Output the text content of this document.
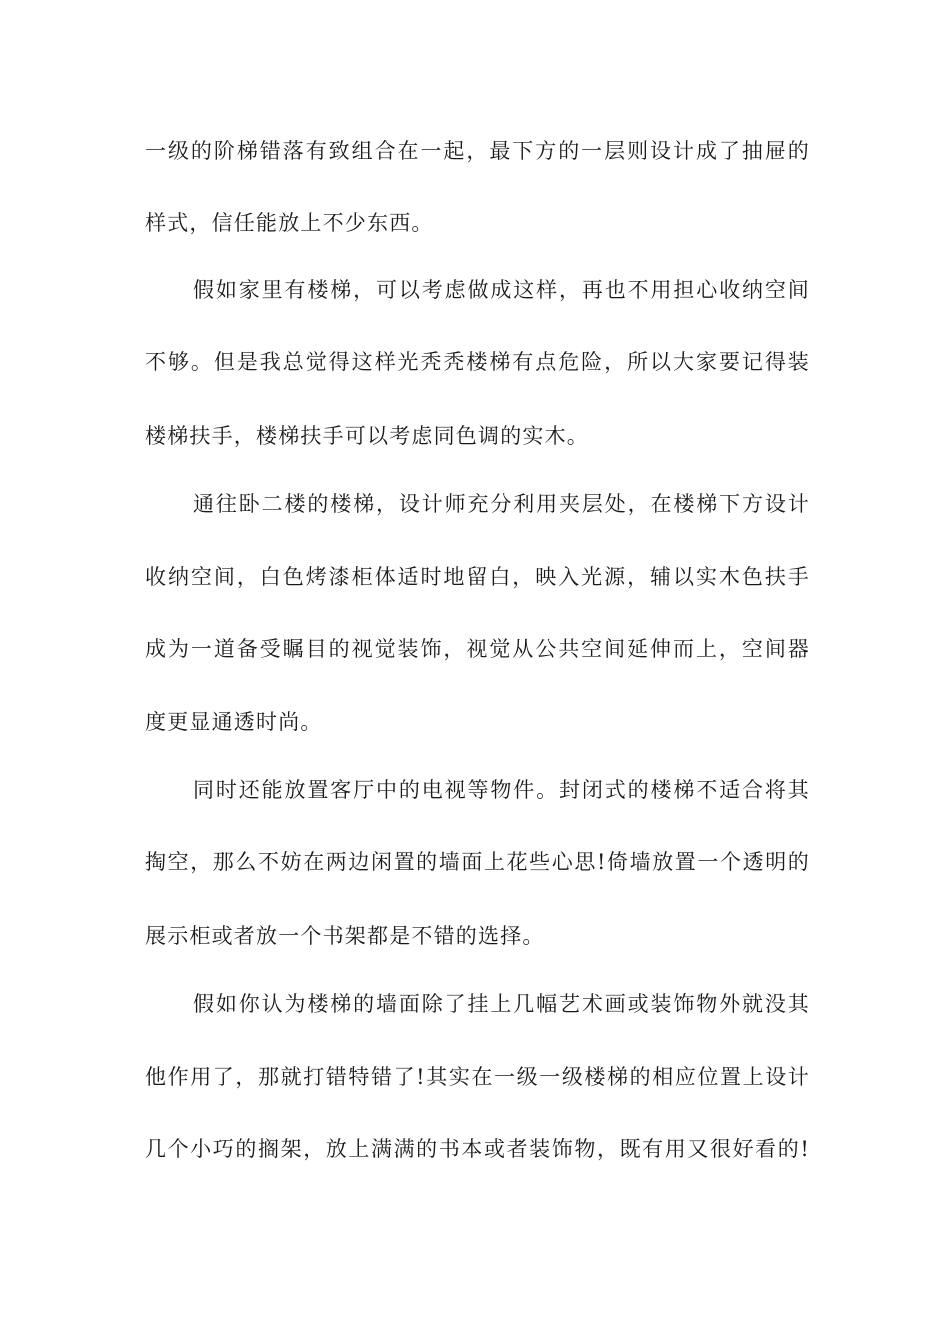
一级的阶梯错落有致组合在一起，最下方的一层则设计成了抽屉的
样式，信任能放上不少东西。
假如家里有楼梯，可以考虑做成这样，再也不用担心收纳空间
不够。但是我总觉得这样光秃秃楼梯有点危险，所以大家要记得装
楼梯扶手，楼梯扶手可以考虑同色调的实木。
通往卧二楼的楼梯，设计师充分利用夹层处，在楼梯下方设计
收纳空间，白色烤漆柜体适时地留白，映入光源，辅以实木色扶手
成为一道备受瞩目的视觉装饰，视觉从公共空间延伸而上，空间器
度更显通透时尚。
同时还能放置客厅中的电视等物件。封闭式的楼梯不适合将其
掏空，那么不妨在两边闲置的墙面上花些心思!倚墙放置一个透明的
展示柜或者放一个书架都是不错的选择。
假如你认为楼梯的墙面除了挂上几幅艺术画或装饰物外就没其
他作用了，那就打错特错了!其实在一级一级楼梯的相应位置上设计
几个小巧的搁架，放上满满的书本或者装饰物，既有用又很好看的!
